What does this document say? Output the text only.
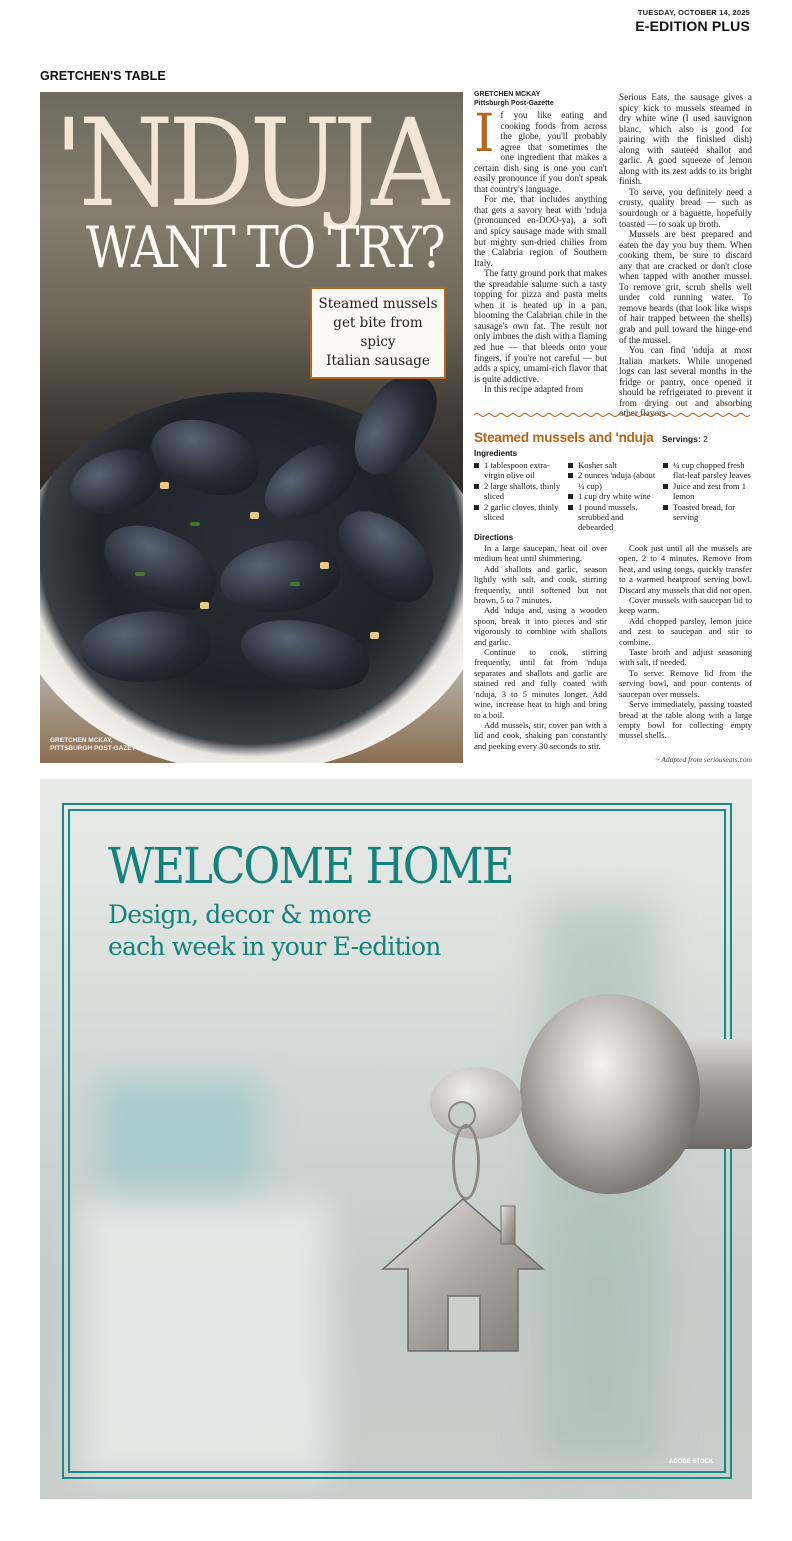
TUESDAY, OCTOBER 14, 2025
E-EDITION PLUS
GRETCHEN'S TABLE
'NDUJA
WANT TO TRY?
Steamed mussels
get bite from spicy
Italian sausage
GRETCHEN MCKAY,
PITTSBURGH POST-GAZETTE
GRETCHEN MCKAY
Pittsburgh Post-Gazette

If you like eating and cooking foods from across the globe, you'll probably agree that sometimes the one ingredient that makes a certain dish sing is one you can't easily pronounce if you don't speak that country's language.

For me, that includes anything that gets a savory heat with 'nduja (pronounced en-DOO-ya), a soft and spicy sausage made with small but mighty sun-dried chilies from the Calabria region of Southern Italy.

The fatty ground pork that makes the spreadable salume such a tasty topping for pizza and pasta melts when it is heated up in a pan, blooming the Calabrian chile in the sausage's own fat. The result not only imbues the dish with a flaming red hue — that bleeds onto your fingers, if you're not careful — but adds a spicy, umami-rich flavor that is quite addictive.

In this recipe adapted from

Serious Eats, the sausage gives a spicy kick to mussels steamed in dry white wine (I used sauvignon blanc, which also is good for pairing with the finished dish) along with sauteed shallot and garlic. A good squeeze of lemon along with its zest adds to its bright finish.

To serve, you definitely need a crusty, quality bread — such as sourdough or a baguette, hopefully toasted — to soak up broth.

Mussels are best prepared and eaten the day you buy them. When cooking them, be sure to discard any that are cracked or don't close when tapped with another mussel. To remove grit, scrub shells well under cold running water. To remove beards (that look like wisps of hair trapped between the shells) grab and pull toward the hinge-end of the mussel.

You can find 'nduja at most Italian markets. While unopened logs can last several months in the fridge or pantry, once opened it should be refrigerated to prevent it from drying out and absorbing other flavors.

Steamed mussels and 'nduja Servings: 2
Ingredients
1 tablespoon extra-virgin olive oil
2 large shallots, thinly sliced
2 garlic cloves, thinly sliced
Kosher salt
2 ounces 'nduja (about ¼ cup)
1 cup dry white wine
1 pound mussels, scrubbed and debearded
¼ cup chopped fresh flat-leaf parsley leaves
Juice and zest from 1 lemon
Toasted bread, for serving
Directions

In a large saucepan, heat oil over medium heat until shimmering.

Add shallots and garlic, season lightly with salt, and cook, stirring frequently, until softened but not brown, 5 to 7 minutes.

Add 'nduja and, using a wooden spoon, break it into pieces and stir vigorously to combine with shallots and garlic.

Continue to cook, stirring frequently, until fat from 'nduja separates and shallots and garlic are stained red and fully coated with 'nduja, 3 to 5 minutes longer. Add wine, increase heat to high and bring to a boil.

Add mussels, stir, cover pan with a lid and cook, shaking pan constantly and peeking every 30 seconds to stir.

Cook just until all the mussels are open, 2 to 4 minutes. Remove from heat, and using tongs, quickly transfer to a warmed heatproof serving bowl. Discard any mussels that did not open.

Cover mussels with saucepan lid to keep warm.

Add chopped parsley, lemon juice and zest to saucepan and stir to combine.

Taste broth and adjust seasoning with salt, if needed.

To serve: Remove lid from the serving bowl, and pour contents of saucepan over mussels.

Serve immediately, passing toasted bread at the table along with a large empty bowl for collecting empty mussel shells.

~ Adapted from seriouseats.com
WELCOME HOME
Design, decor & more
each week in your E-edition
ADOBE STOCK
